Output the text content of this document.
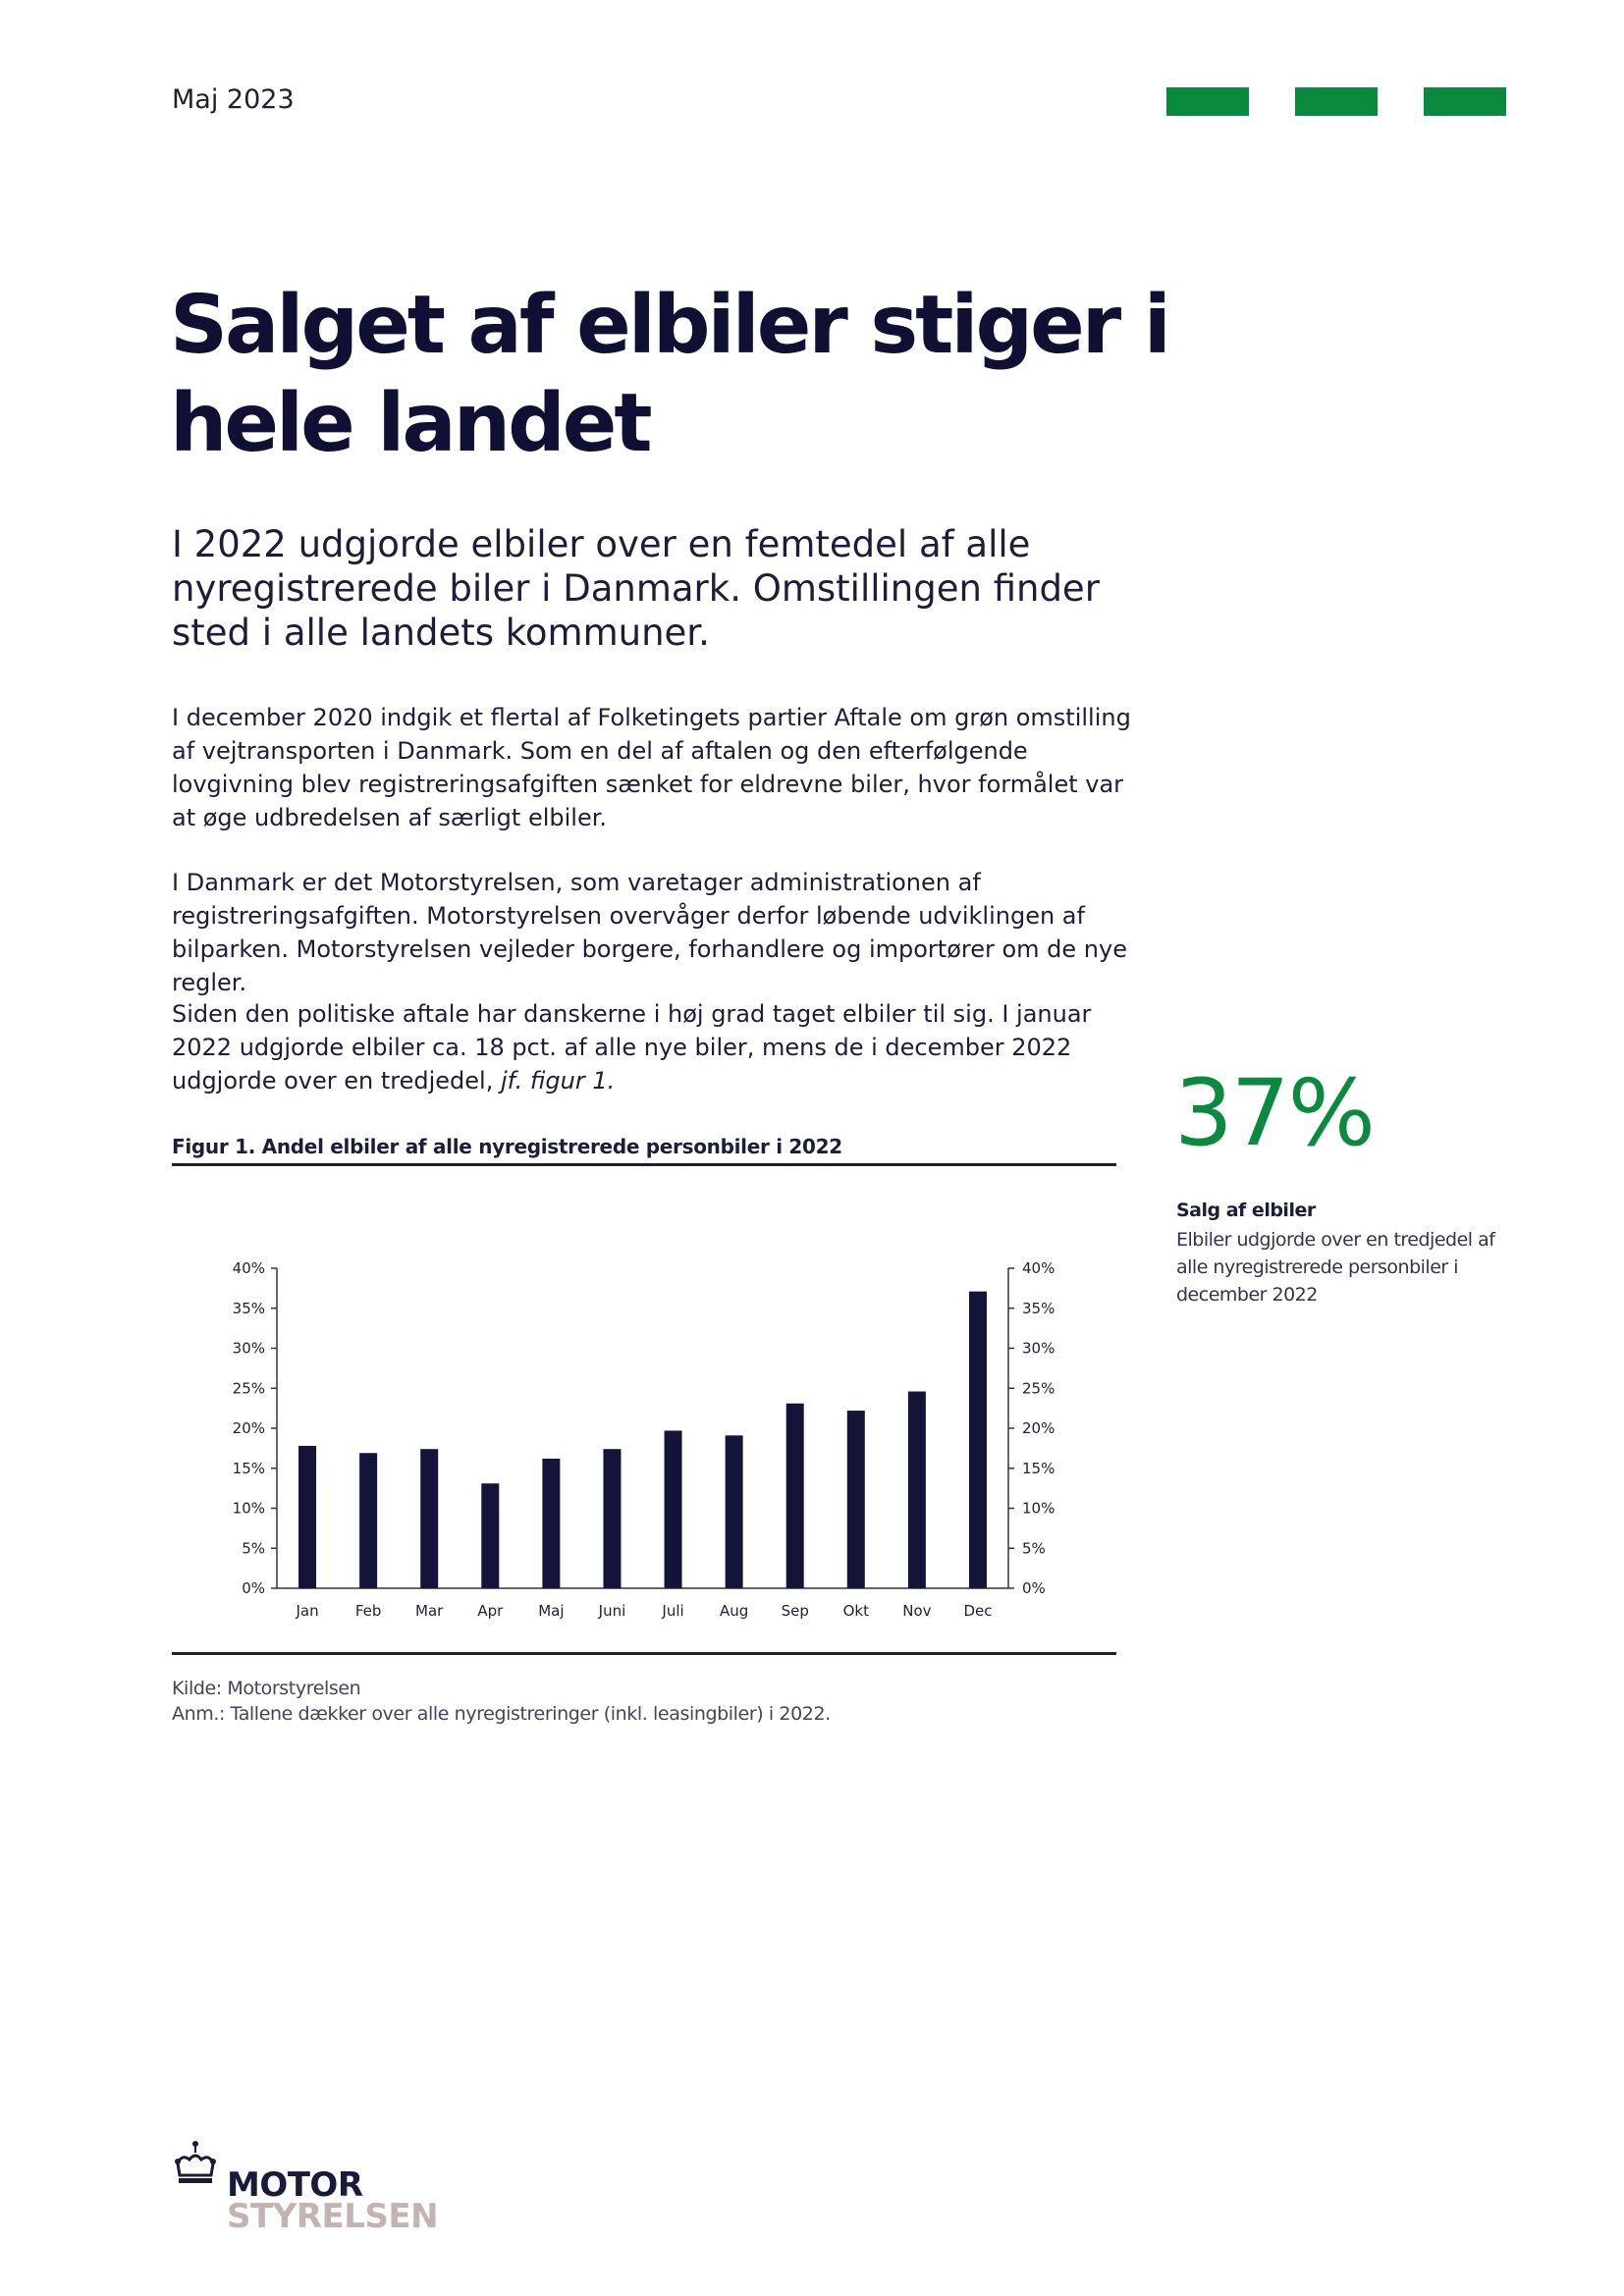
Maj 2023
Salget af elbiler stiger i hele landet

I 2022 udgjorde elbiler over en femtedel af alle nyregistrerede biler i Danmark. Omstillingen finder sted i alle landets kommuner.

I december 2020 indgik et flertal af Folketingets partier Aftale om grøn omstilling af vejtransporten i Danmark. Som en del af aftalen og den efterfølgende lovgivning blev registreringsafgiften sænket for eldrevne biler, hvor formålet var at øge udbredelsen af særligt elbiler.

I Danmark er det Motorstyrelsen, som varetager administrationen af registreringsafgiften. Motorstyrelsen overvåger derfor løbende udviklingen af bilparken. Motorstyrelsen vejleder borgere, forhandlere og importører om de nye regler.

Siden den politiske aftale har danskerne i høj grad taget elbiler til sig. I januar 2022 udgjorde elbiler ca. 18 pct. af alle nye biler, mens de i december 2022 udgjorde over en tredjedel, jf. figur 1.	37%
Salg af elbiler

Elbiler udgjorde over en tredjedel af alle nyregistrerede personbiler i december 2022

Figur 1. Andel elbiler af alle nyregistrerede personbiler i 2022
0%	0%
5%	5%
10%	10%
15%	15%
20%	20%
25%	25%
30%	30%
35%	35%
40%	40%
Jan Feb Mar Apr Maj Juni Juli Aug Sep Okt Nov Dec
Kilde: Motorstyrelsen
Anm.: Tallene dækker over alle nyregistreringer (inkl. leasingbiler) i 2022.
MOTOR
STYRELSEN
